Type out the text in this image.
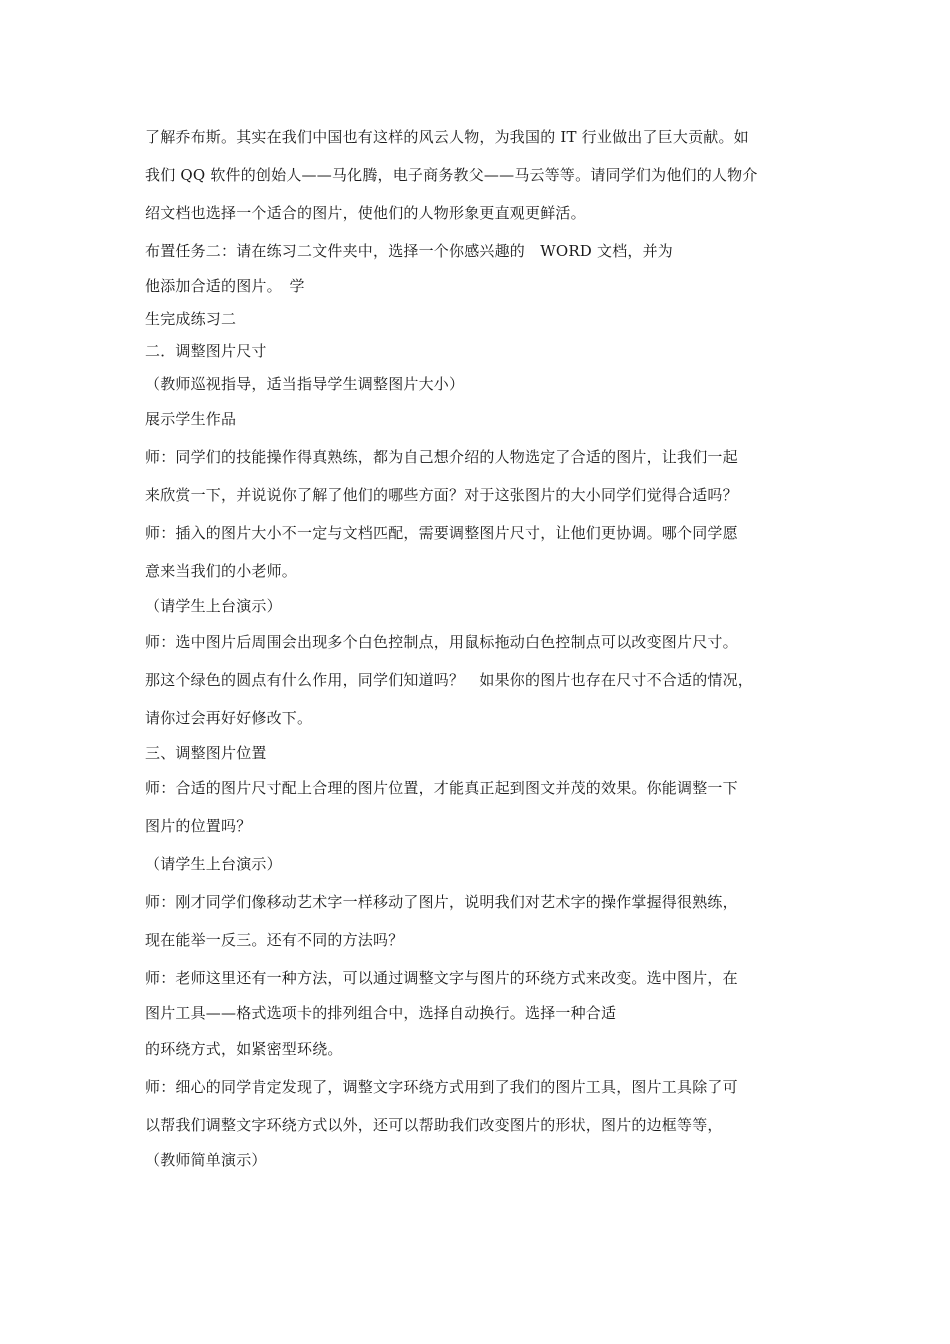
了解乔布斯。其实在我们中国也有这样的风云人物，为我国的 IT 行业做出了巨大贡献。如
我们 QQ 软件的创始人——马化腾，电子商务教父——马云等等。请同学们为他们的人物介
绍文档也选择一个适合的图片，使他们的人物形象更直观更鲜活。
布置任务二：请在练习二文件夹中，选择一个你感兴趣的　WORD 文档，并为
他添加合适的图片。　学
生完成练习二
二．调整图片尺寸
（教师巡视指导，适当指导学生调整图片大小）
展示学生作品
师：同学们的技能操作得真熟练，都为自己想介绍的人物选定了合适的图片，让我们一起
来欣赏一下，并说说你了解了他们的哪些方面？对于这张图片的大小同学们觉得合适吗？
师：插入的图片大小不一定与文档匹配，需要调整图片尺寸，让他们更协调。哪个同学愿
意来当我们的小老师。
（请学生上台演示）
师：选中图片后周围会出现多个白色控制点，用鼠标拖动白色控制点可以改变图片尺寸。
那这个绿色的圆点有什么作用，同学们知道吗？　如果你的图片也存在尺寸不合适的情况，
请你过会再好好修改下。
三、调整图片位置
师：合适的图片尺寸配上合理的图片位置，才能真正起到图文并茂的效果。你能调整一下
图片的位置吗？
（请学生上台演示）
师：刚才同学们像移动艺术字一样移动了图片，说明我们对艺术字的操作掌握得很熟练，
现在能举一反三。还有不同的方法吗？
师：老师这里还有一种方法，可以通过调整文字与图片的环绕方式来改变。选中图片，在
图片工具——格式选项卡的排列组合中，选择自动换行。选择一种合适
的环绕方式，如紧密型环绕。
师：细心的同学肯定发现了，调整文字环绕方式用到了我们的图片工具，图片工具除了可
以帮我们调整文字环绕方式以外，还可以帮助我们改变图片的形状，图片的边框等等，
（教师简单演示）
